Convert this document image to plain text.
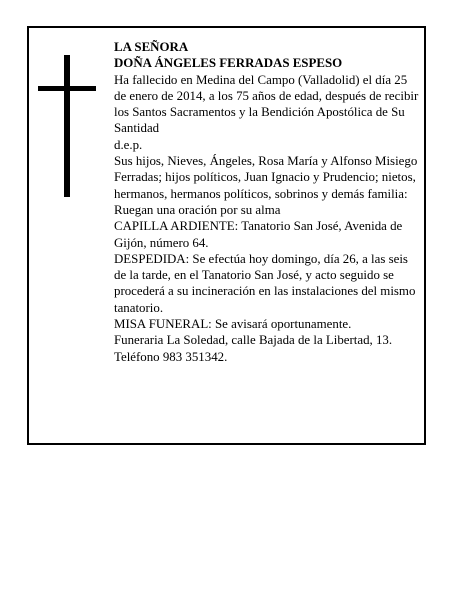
LA SEÑORA

DOÑA ÁNGELES FERRADAS ESPESO

Ha fallecido en Medina del Campo (Valladolid) el día 25 de enero de 2014, a los 75 años de edad, después de recibir los Santos Sacramentos y la Bendición Apostólica de Su Santidad

d.e.p.

Sus hijos, Nieves, Ángeles, Rosa María y Alfonso Misiego Ferradas; hijos políticos, Juan Ignacio y Prudencio; nietos, hermanos, hermanos políticos, sobrinos y demás familia:

Ruegan una oración por su alma

CAPILLA ARDIENTE: Tanatorio San José, Avenida de Gijón, número 64.

DESPEDIDA: Se efectúa hoy domingo, día 26, a las seis de la tarde, en el Tanatorio San José, y acto seguido se procederá a su incineración en las instalaciones del mismo tanatorio.

MISA FUNERAL: Se avisará oportunamente.

Funeraria La Soledad, calle Bajada de la Libertad, 13. Teléfono 983 351342.
